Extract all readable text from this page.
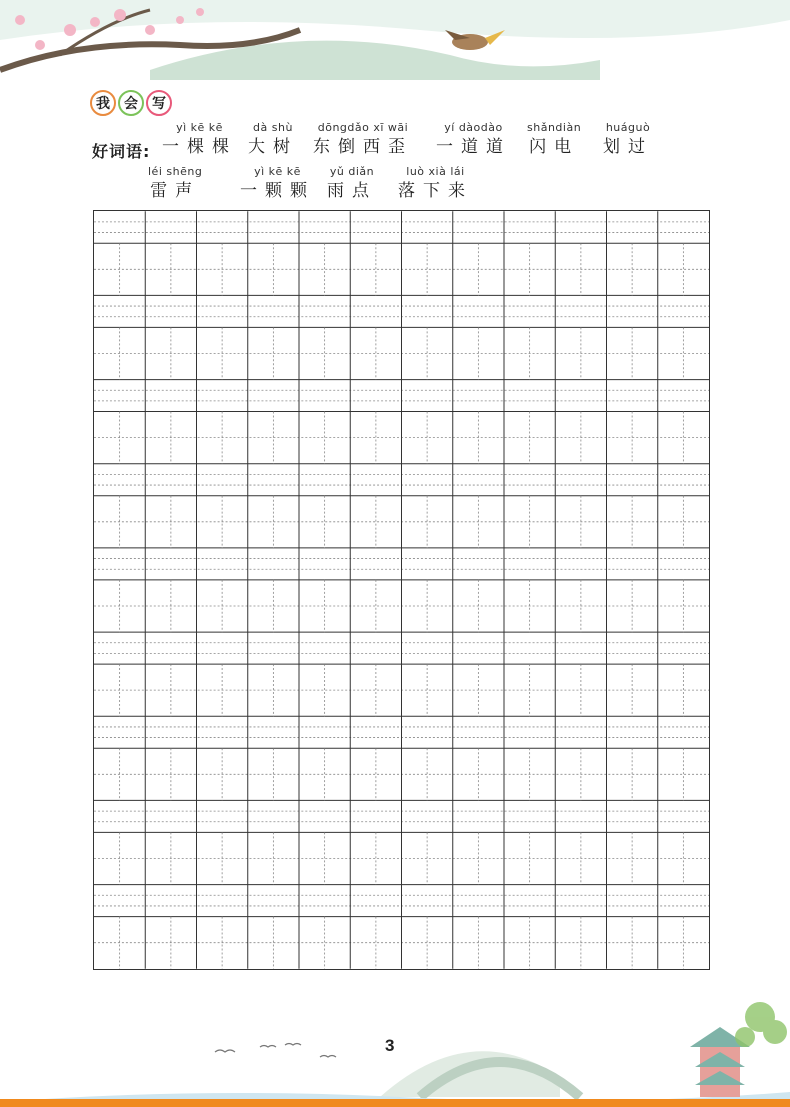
我	会	写
好词语:
yì kē kē
一棵棵
dà shù
大树
dōngdǎo xī wāi
东倒西歪
yí dàodào
一道道
shǎndiàn
闪电
huáguò
划过
léi shēng
雷声
yì kē kē
一颗颗
yǔ diǎn
雨点
luò xià lái
落下来
3
